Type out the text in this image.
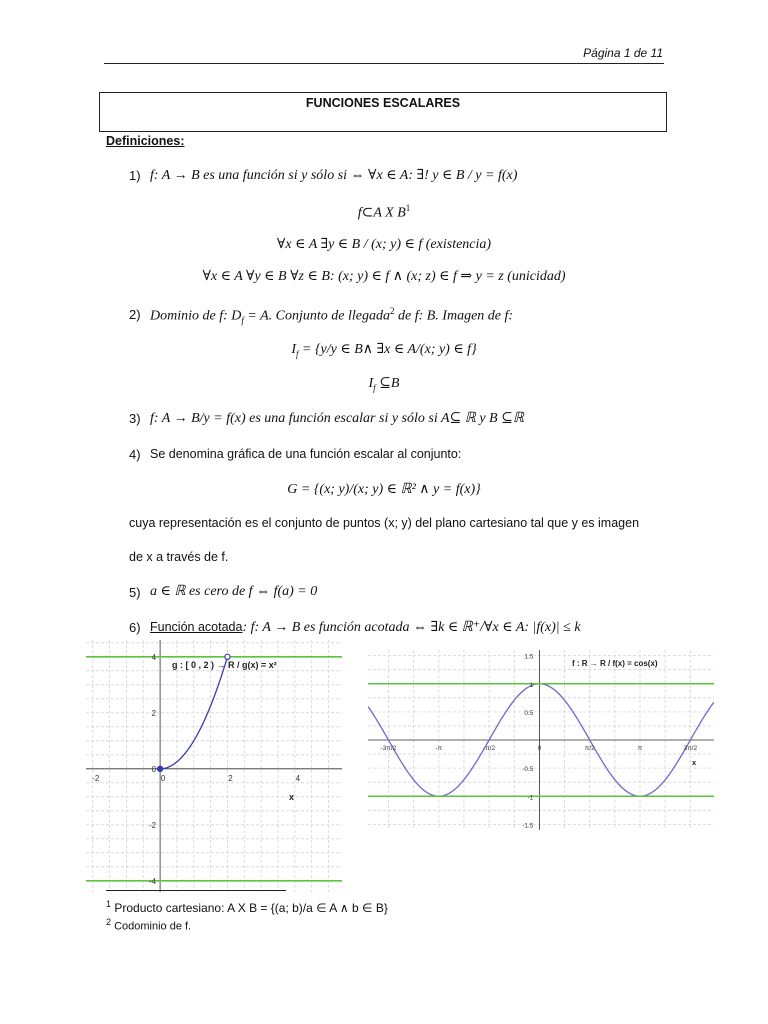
Página 1 de 11
FUNCIONES ESCALARES
Definiciones:
1) f: A → B es una función si y sólo si ⇔ ∀x ∈ A: ∃! y ∈ B / y = f(x)
f⊂A X $B^1$
∀x ∈ A ∃y ∈ B / (x; y) ∈ f (existencia)
∀x ∈ A ∀y ∈ B ∀z ∈ B: (x; y) ∈ f ∧ (x; z) ∈ f ⇒ y = z (unicidad)
2) Dominio de f: $D_f = A$. Conjunto de llegada$^2$ de f: B. Imagen de f:
$I_f = \{y/y$ ∈ B∧ ∃x ∈ A/(x; y) ∈ f}
$I_f$ ⊆B
3) f: A → B/y = f(x) es una función escalar si y sólo si A⊆ ℝ y B ⊆ℝ
4) Se denomina gráfica de una función escalar al conjunto:
G = {(x; y)/(x; y) ∈ ℝ² ∧ y = f(x)}
cuya representación es el conjunto de puntos (x; y) del plano cartesiano tal que y es imagen
de x a través de f.
5) a ∈ ℝ es cero de f ⇔ f(a) = 0
6) Función acotada: f: A → B es función acotada ⇔ ∃k ∈ ℝ⁺/∀x ∈ A: |f(x)| ≤ k
-2	0	2	4
-4
-2
0
2
4
x
g : [ 0 , 2 ) → R / g(x) = x²
-3π/2	-π	-π/2	0	π/2	π	3π/2
-1.5
-1
-0.5
0.5
1
1.5
x
f : R → R / f(x) = cos(x)
$^1$ Producto cartesiano: A X B = {(a; b)/a ∈ A ∧ b ∈ B}
$^2$ Codominio de f.
